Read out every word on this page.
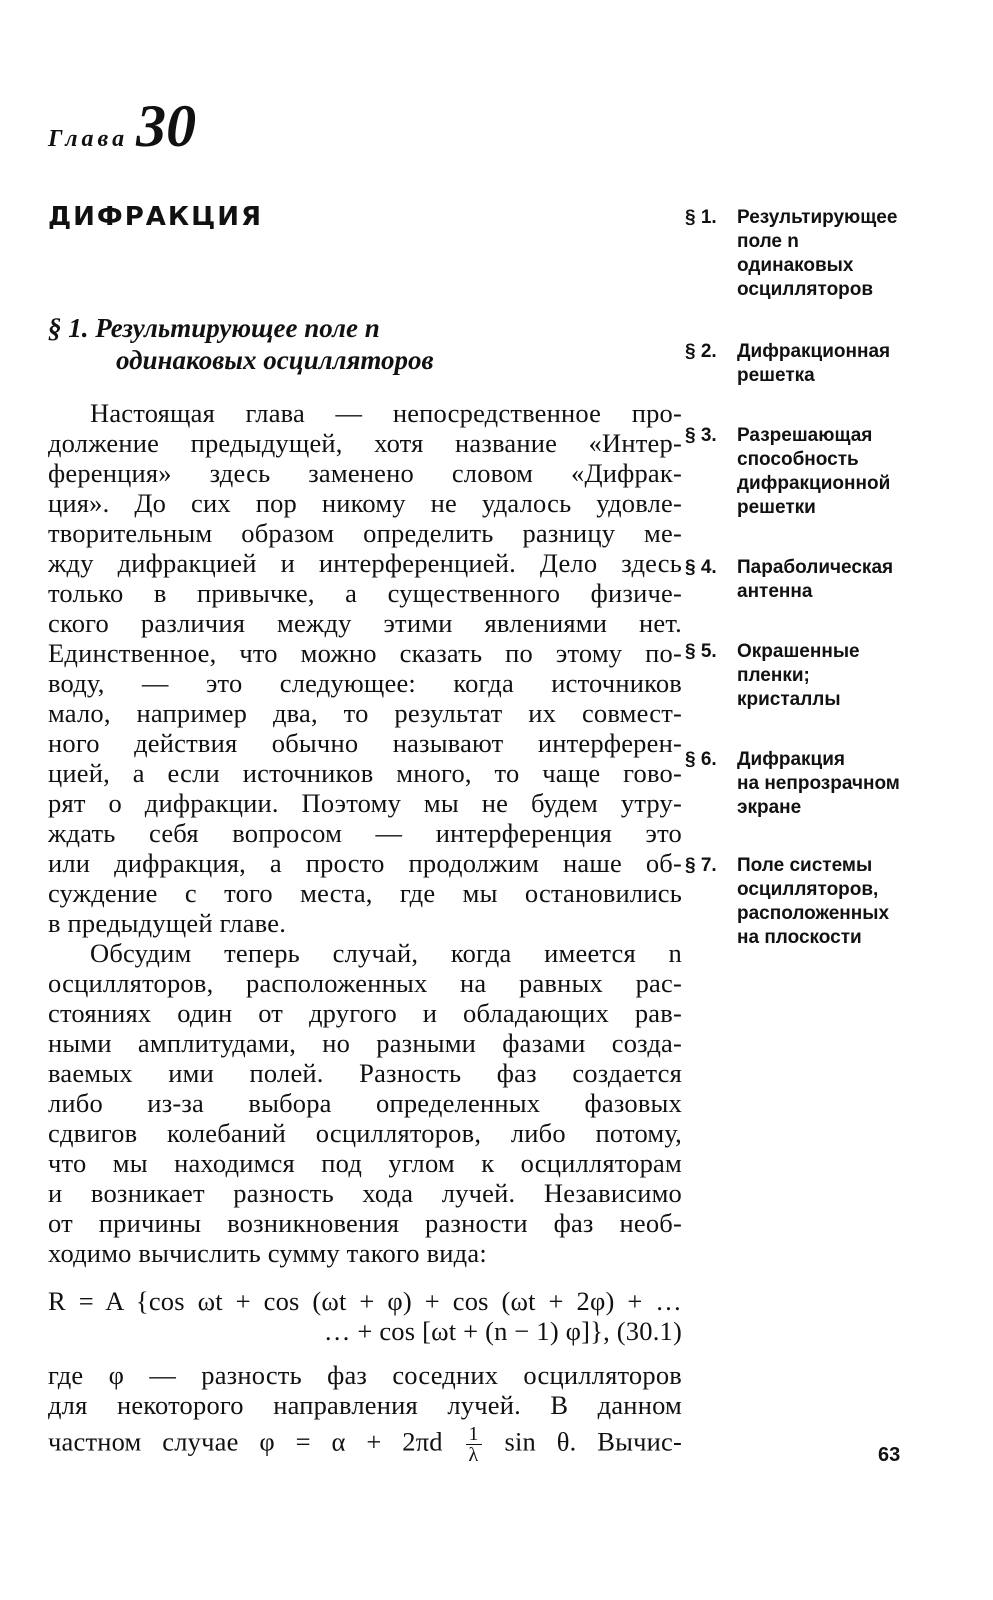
Глава 30
ДИФРАКЦИЯ
§ 1. Результирующее поле n
одинаковых осцилляторов
§ 1.	Результирующее
поле n
одинаковых
осцилляторов
§ 2.	Дифракционная
решетка
§ 3.	Разрешающая
способность
дифракционной
решетки
§ 4.	Параболическая
антенна
§ 5.	Окрашенные
пленки;
кристаллы
§ 6.	Дифракция
на непрозрачном
экране
§ 7.	Поле системы
осцилляторов,
расположенных
на плоскости
Настоящая глава — непосредственное про-
должение предыдущей, хотя название «Интер-
ференция» здесь заменено словом «Дифрак-
ция». До сих пор никому не удалось удовле-
творительным образом определить разницу ме-
жду дифракцией и интерференцией. Дело здесь
только в привычке, а существенного физиче-
ского различия между этими явлениями нет.
Единственное, что можно сказать по этому по-
воду, — это следующее: когда источников
мало, например два, то результат их совмест-
ного действия обычно называют интерферен-
цией, а если источников много, то чаще гово-
рят о дифракции. Поэтому мы не будем утру-
ждать себя вопросом — интерференция это
или дифракция, а просто продолжим наше об-
суждение с того места, где мы остановились
в предыдущей главе.
Обсудим теперь случай, когда имеется n
осцилляторов, расположенных на равных рас-
стояниях один от другого и обладающих рав-
ными амплитудами, но разными фазами созда-
ваемых ими полей. Разность фаз создается
либо из-за выбора определенных фазовых
сдвигов колебаний осцилляторов, либо потому,
что мы находимся под углом к осцилляторам
и возникает разность хода лучей. Независимо
от причины возникновения разности фаз необ-
ходимо вычислить сумму такого вида:
R = A {cos ωt + cos (ωt + φ) + cos (ωt + 2φ) + …
… + cos [ωt + (n − 1) φ]}, (30.1)
где φ — разность фаз соседних осцилляторов
для некоторого направления лучей. В данном
частном случае $\varphi = \alpha + 2\pi d \frac{1}{\lambda}$ sin θ. Вычис-	63
